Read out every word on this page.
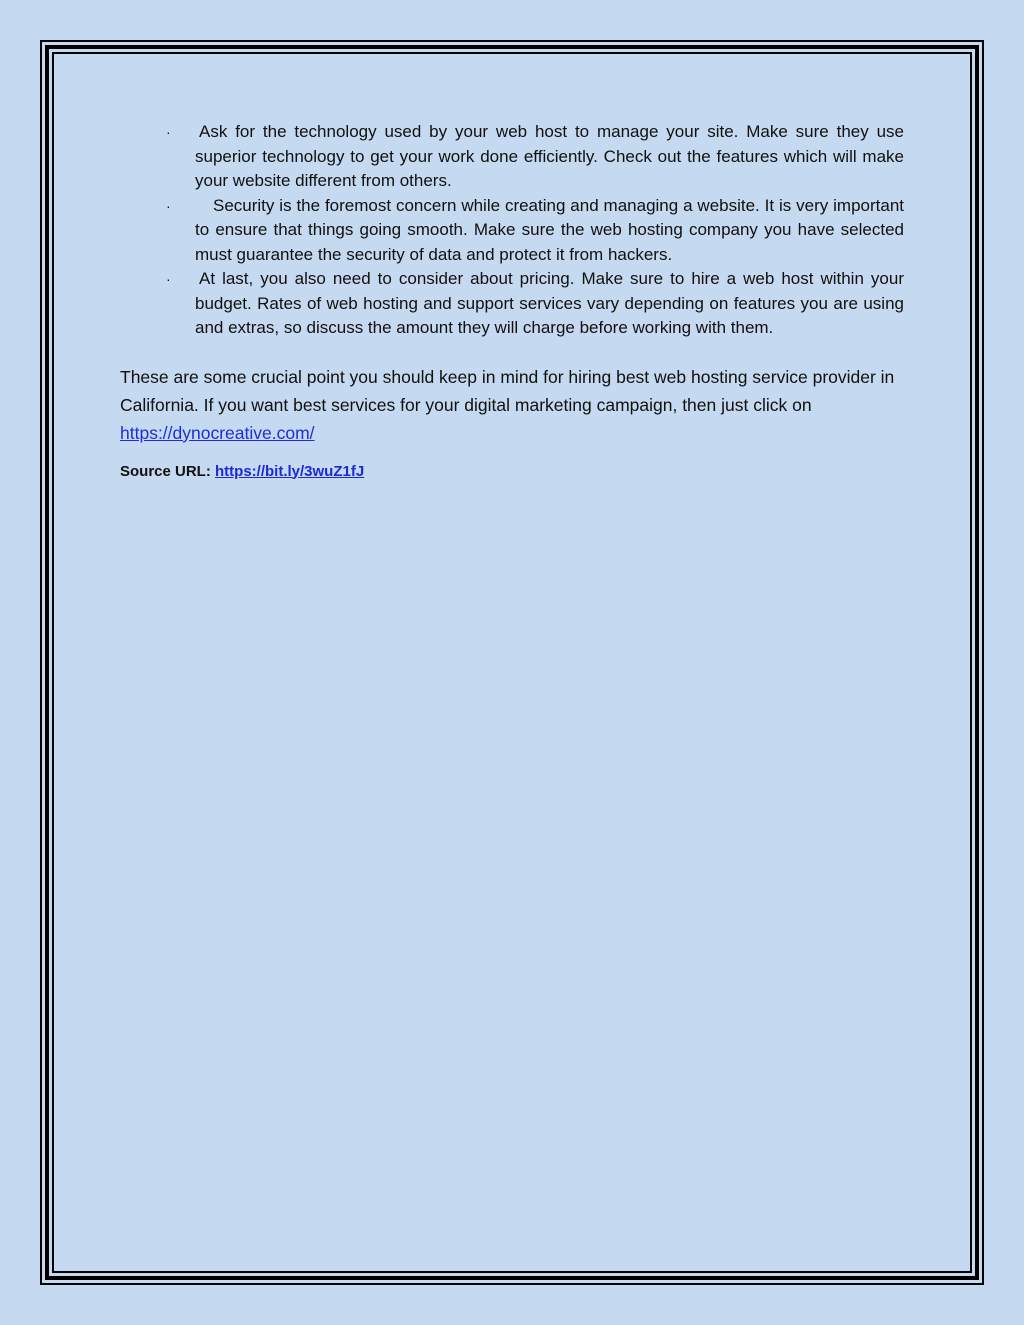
· Ask for the technology used by your web host to manage your site. Make sure they use superior technology to get your work done efficiently. Check out the features which will make your website different from others.
·	Security is the foremost concern while creating and managing a website. It is very important to ensure that things going smooth. Make sure the web hosting company you have selected must guarantee the security of data and protect it from hackers.
· At last, you also need to consider about pricing. Make sure to hire a web host within your budget. Rates of web hosting and support services vary depending on features you are using and extras, so discuss the amount they will charge before working with them.

These are some crucial point you should keep in mind for hiring best web hosting service provider in California. If you want best services for your digital marketing campaign, then just click on https://dynocreative.com/

Source URL: https://bit.ly/3wuZ1fJ
